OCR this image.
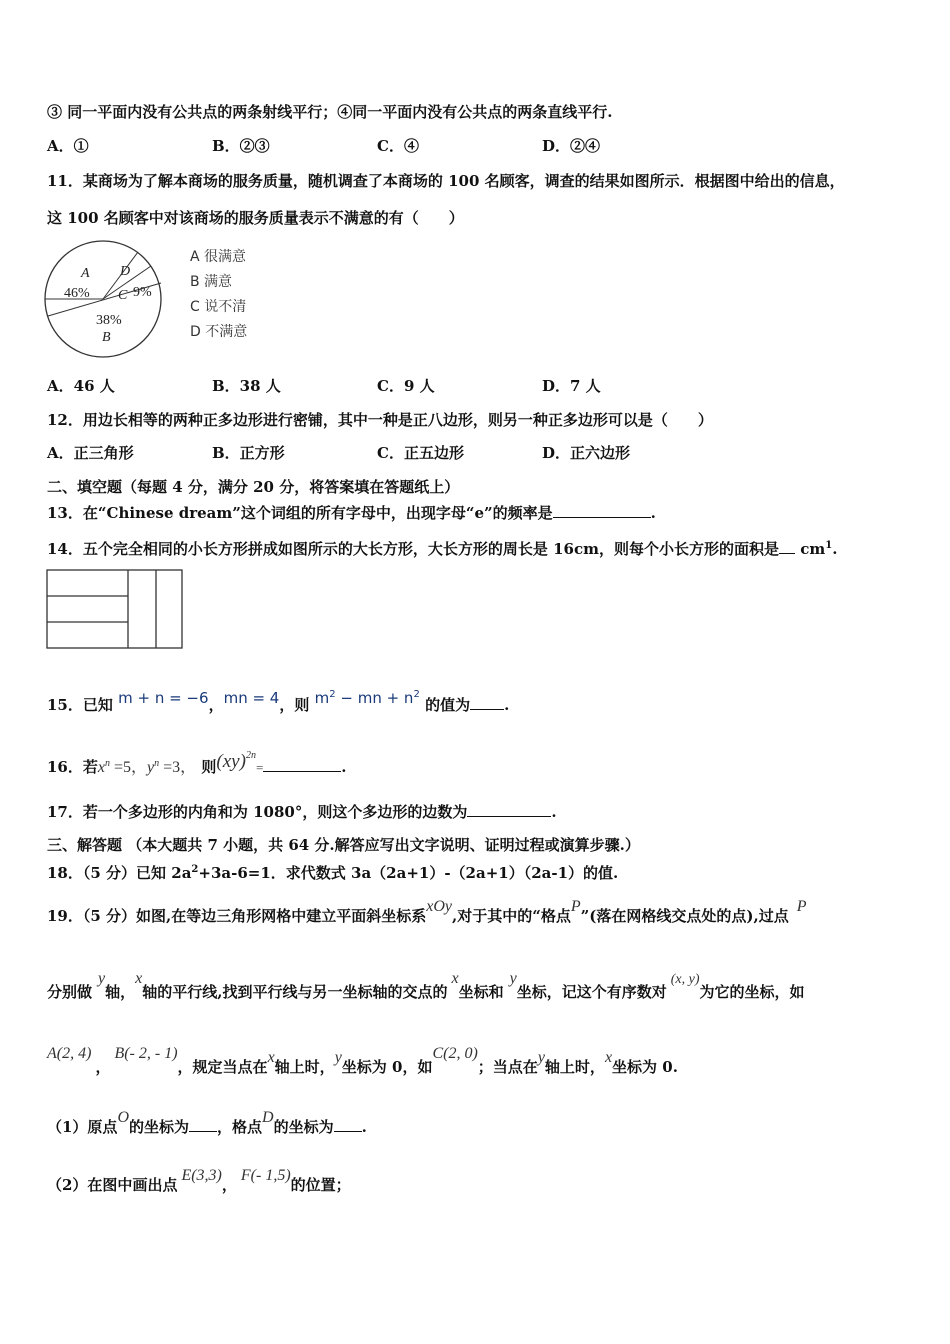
③ 同一平面内没有公共点的两条射线平行；④同一平面内没有公共点的两条直线平行.
A．①	B．②③	C．④	D．②④
11．某商场为了解本商场的服务质量，随机调查了本商场的 100 名顾客，调查的结果如图所示．根据图中给出的信息，
这 100 名顾客中对该商场的服务质量表示不满意的有（　　）
A
46%
D
C 9%
38%
B
A 很满意
B 满意
C 说不清
D 不满意
A．46 人	B．38 人	C．9 人	D．7 人
12．用边长相等的两种正多边形进行密铺，其中一种是正八边形，则另一种正多边形可以是（　　）
A．正三角形	B．正方形	C．正五边形	D．正六边形
二、填空题（每题 4 分，满分 20 分，将答案填在答题纸上）
13．在“Chinese dream”这个词组的所有字母中，出现字母“e”的频率是	.
14．五个完全相同的小长方形拼成如图所示的大长方形，大长方形的周长是 16cm，则每个小长方形的面积是 $cm^1$.
15．已知 m + n = −6，mn = 4，则 $m^2$ − mn + $n^2$ 的值为 .
16．若$x^n =5$，$y^n =3$， 则(xy)$^{2n}$=	.
17．若一个多边形的内角和为 1080°，则这个多边形的边数为	.
三、解答题 （本大题共 7 小题，共 64 分.解答应写出文字说明、证明过程或演算步骤.）
18．（5 分）已知 $2a^2+3a-6=1$．求代数式 3a（2a+1）-（2a+1）（2a-1）的值.
19．（5 分）如图,在等边三角形网格中建立平面斜坐标系xOy,对于其中的“格点P”(落在网格线交点处的点),过点P
分别做y轴，x轴的平行线,找到平行线与另一坐标轴的交点的x坐标和y坐标，记这个有序数对(x, y)为它的坐标，如
A(2, 4)，B(- 2, - 1)，规定当点在x轴上时，y坐标为 0，如C(2, 0)；当点在y轴上时，x坐标为 0.
（1）原点O的坐标为 ，格点D的坐标为 .
（2）在图中画出点E(3,3)，F(- 1,5)的位置；
